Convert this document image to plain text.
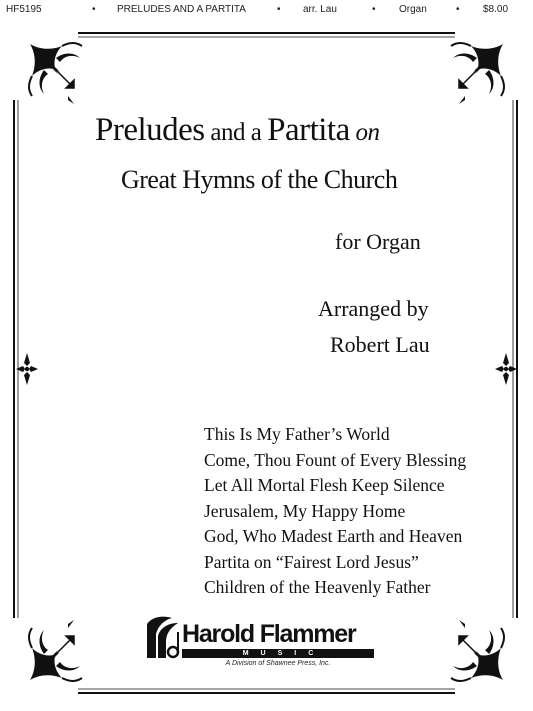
HF5195	• PRELUDES AND A PARTITA	• arr. Lau	• Organ	• $8.00
Preludes and a Partita on
Great Hymns of the Church
for Organ
Arranged by
Robert Lau
This Is My Father’s World
Come, Thou Fount of Every Blessing
Let All Mortal Flesh Keep Silence
Jerusalem, My Happy Home
God, Who Madest Earth and Heaven
Partita on “Fairest Lord Jesus”
Children of the Heavenly Father
Harold Flammer
MUSIC
A Division of Shawnee Press, Inc.
